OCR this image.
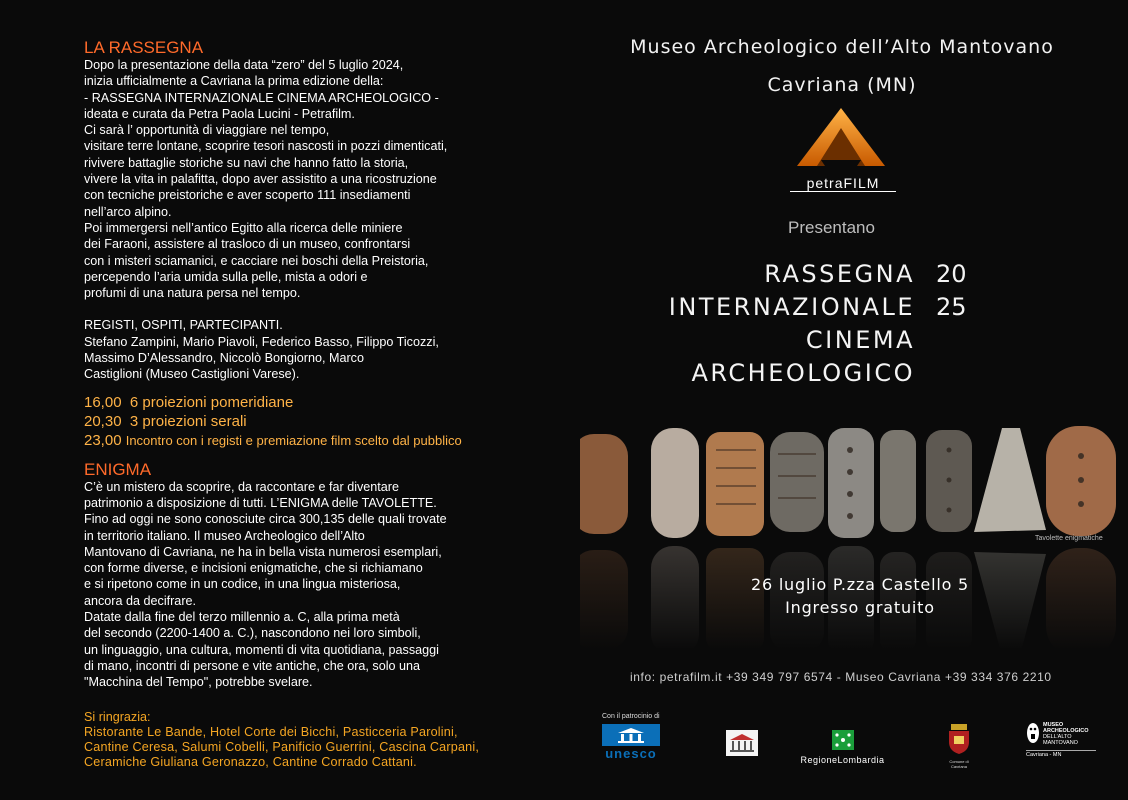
LA RASSEGNA

Dopo la presentazione della data “zero” del 5 luglio 2024,
inizia ufficialmente a Cavriana la prima edizione della:
- RASSEGNA INTERNAZIONALE CINEMA ARCHEOLOGICO -
ideata e curata da Petra Paola Lucini - Petrafilm.
Ci sarà l’ opportunità di viaggiare nel tempo,
visitare terre lontane, scoprire tesori nascosti in pozzi dimenticati,
rivivere battaglie storiche su navi che hanno fatto la storia,
vivere la vita in palafitta, dopo aver assistito a una ricostruzione
con tecniche preistoriche e aver scoperto 111 insediamenti
nell’arco alpino.
Poi immergersi nell’antico Egitto alla ricerca delle miniere
dei Faraoni, assistere al trasloco di un museo, confrontarsi
con i misteri sciamanici, e cacciare nei boschi della Preistoria,
percependo l’aria umida sulla pelle, mista a odori e
profumi di una natura persa nel tempo.

REGISTI, OSPITI, PARTECIPANTI.
Stefano Zampini, Mario Piavoli, Federico Basso, Filippo Ticozzi,
Massimo D’Alessandro, Niccolò Bongiorno, Marco
Castiglioni (Museo Castiglioni Varese).

16,00 6 proiezioni pomeridiane
20,30 3 proiezioni serali
23,00 Incontro con i registi e premiazione film scelto dal pubblico
ENIGMA

C’è un mistero da scoprire, da raccontare e far diventare
patrimonio a disposizione di tutti. L’ENIGMA delle TAVOLETTE.
Fino ad oggi ne sono conosciute circa 300,135 delle quali trovate
in territorio italiano. Il museo Archeologico dell’Alto
Mantovano di Cavriana, ne ha in bella vista numerosi esemplari,
con forme diverse, e incisioni enigmatiche, che si richiamano
e si ripetono come in un codice, in una lingua misteriosa,
ancora da decifrare.
Datate dalla fine del terzo millennio a. C, alla prima metà
del secondo (2200-1400 a. C.), nascondono nei loro simboli,
un linguaggio, una cultura, momenti di vita quotidiana, passaggi
di mano, incontri di persone e vite antiche, che ora, solo una
"Macchina del Tempo", potrebbe svelare.

Si ringrazia:
Ristorante Le Bande, Hotel Corte dei Bicchi, Pasticceria Parolini,
Cantine Ceresa, Salumi Cobelli, Panificio Guerrini, Cascina Carpani,
Ceramiche Giuliana Geronazzo, Cantine Corrado Cattani.
Museo Archeologico dell’Alto Mantovano
Cavriana (MN)
petraFILM
Presentano
RASSEGNA
INTERNAZIONALE
CINEMA
ARCHEOLOGICO
20
25
Tavolette enigmatiche
26 luglio P.zza Castello 5
Ingresso gratuito
info: petrafilm.it +39 349 797 6574 - Museo Cavriana +39 334 376 2210
Con il patrocinio di
unesco	RegioneLombardia	Comune di Cavriana
MUSEO
ARCHEOLOGICO
DELL’ALTO
MANTOVANO
Cavriana - MN
